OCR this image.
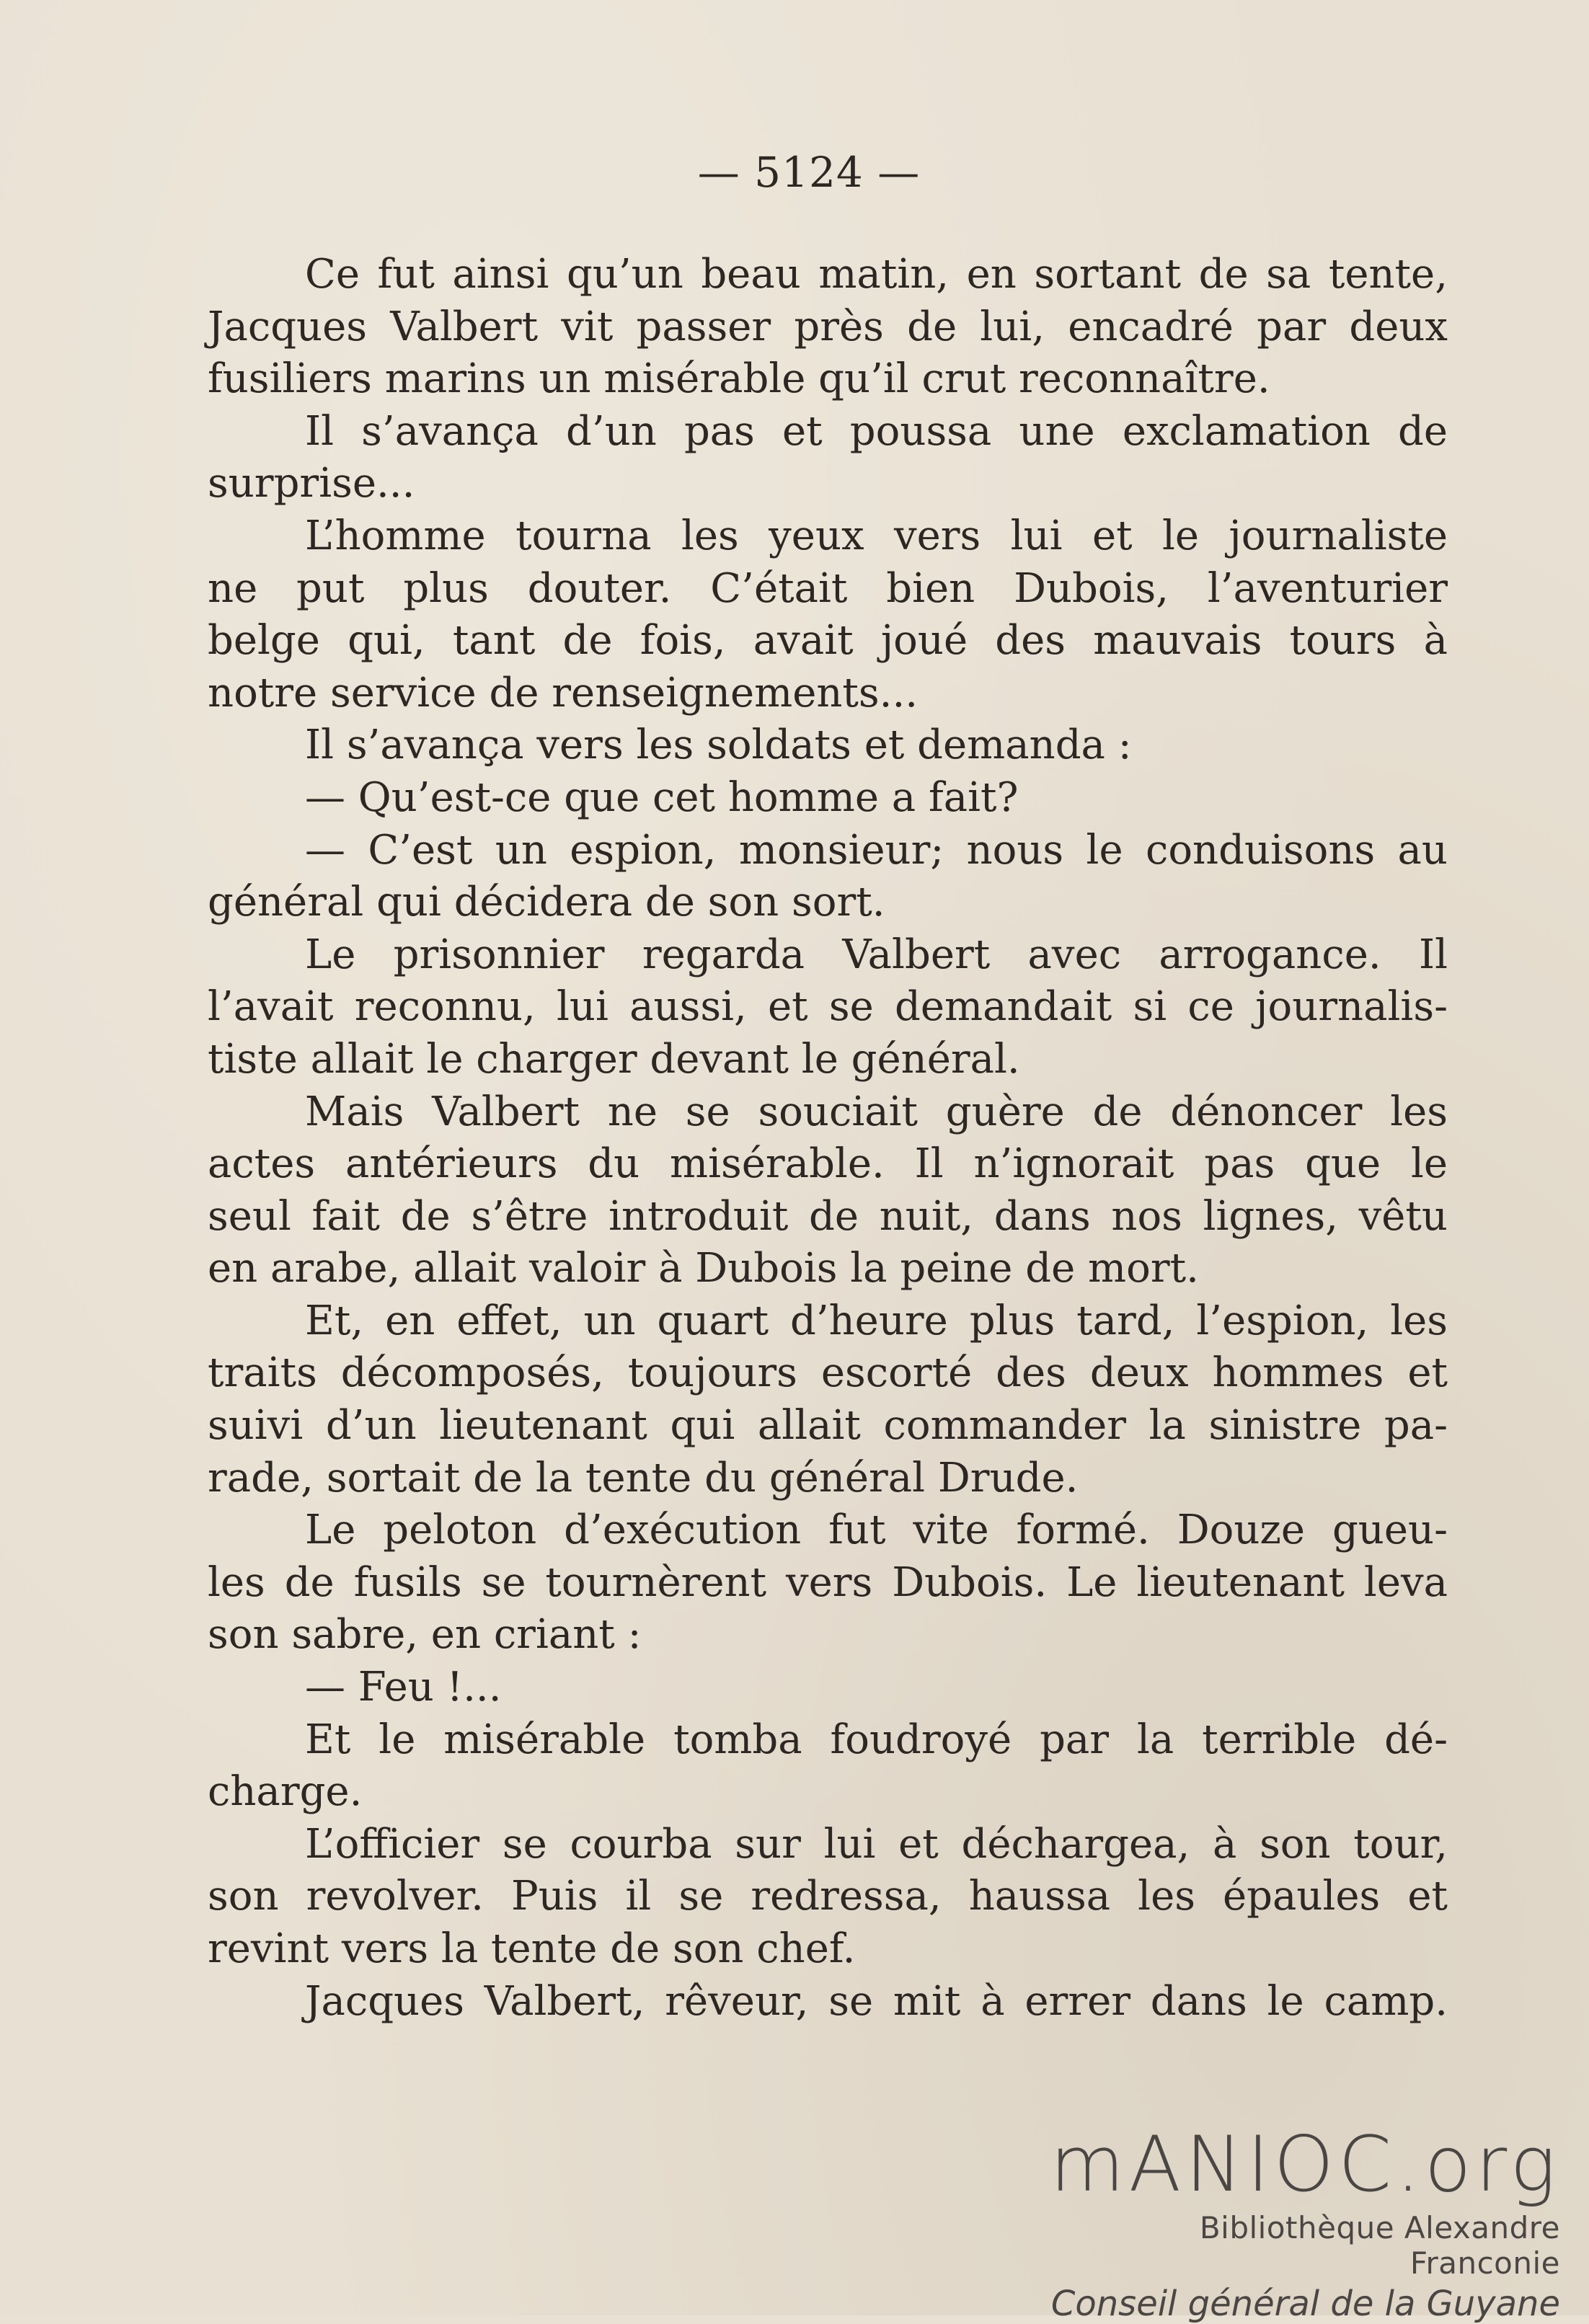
— 5124 —
Ce fut ainsi qu’un beau matin, en sortant de sa tente,
Jacques Valbert vit passer près de lui, encadré par deux
fusiliers marins un misérable qu’il crut reconnaître.
Il s’avança d’un pas et poussa une exclamation de
surprise...
L’homme tourna les yeux vers lui et le journaliste
ne put plus douter. C’était bien Dubois, l’aventurier
belge qui, tant de fois, avait joué des mauvais tours à
notre service de renseignements...
Il s’avança vers les soldats et demanda :
— Qu’est-ce que cet homme a fait?
— C’est un espion, monsieur; nous le conduisons au
général qui décidera de son sort.
Le prisonnier regarda Valbert avec arrogance. Il
l’avait reconnu, lui aussi, et se demandait si ce journalis-
tiste allait le charger devant le général.
Mais Valbert ne se souciait guère de dénoncer les
actes antérieurs du misérable. Il n’ignorait pas que le
seul fait de s’être introduit de nuit, dans nos lignes, vêtu
en arabe, allait valoir à Dubois la peine de mort.
Et, en effet, un quart d’heure plus tard, l’espion, les
traits décomposés, toujours escorté des deux hommes et
suivi d’un lieutenant qui allait commander la sinistre pa-
rade, sortait de la tente du général Drude.
Le peloton d’exécution fut vite formé. Douze gueu-
les de fusils se tournèrent vers Dubois. Le lieutenant leva
son sabre, en criant :
— Feu !...
Et le misérable tomba foudroyé par la terrible dé-
charge.
L’officier se courba sur lui et déchargea, à son tour,
son revolver. Puis il se redressa, haussa les épaules et
revint vers la tente de son chef.
Jacques Valbert, rêveur, se mit à errer dans le camp.
mANIOC.org
Bibliothèque Alexandre Franconie
Conseil général de la Guyane
